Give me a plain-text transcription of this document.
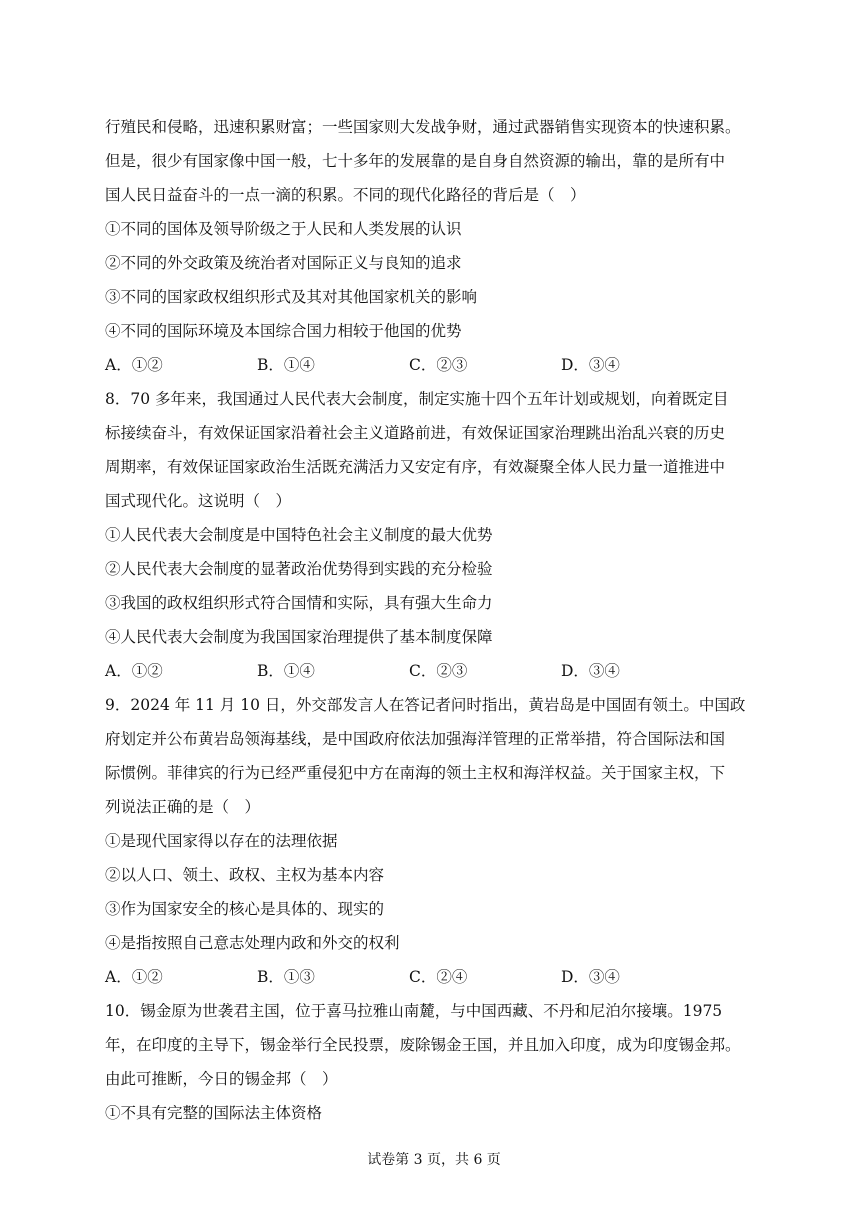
行殖民和侵略，迅速积累财富；一些国家则大发战争财，通过武器销售实现资本的快速积累。

但是，很少有国家像中国一般，七十多年的发展靠的是自身自然资源的输出，靠的是所有中

国人民日益奋斗的一点一滴的积累。不同的现代化路径的背后是（　）

①不同的国体及领导阶级之于人民和人类发展的认识

②不同的外交政策及统治者对国际正义与良知的追求

③不同的国家政权组织形式及其对其他国家机关的影响

④不同的国际环境及本国综合国力相较于他国的优势

A．①②	B．①④	C．②③	D．③④

8．70 多年来，我国通过人民代表大会制度，制定实施十四个五年计划或规划，向着既定目

标接续奋斗，有效保证国家沿着社会主义道路前进，有效保证国家治理跳出治乱兴衰的历史

周期率，有效保证国家政治生活既充满活力又安定有序，有效凝聚全体人民力量一道推进中

国式现代化。这说明（　）

①人民代表大会制度是中国特色社会主义制度的最大优势

②人民代表大会制度的显著政治优势得到实践的充分检验

③我国的政权组织形式符合国情和实际，具有强大生命力

④人民代表大会制度为我国国家治理提供了基本制度保障

A．①②	B．①④	C．②③	D．③④

9．2024 年 11 月 10 日，外交部发言人在答记者问时指出，黄岩岛是中国固有领土。中国政

府划定并公布黄岩岛领海基线，是中国政府依法加强海洋管理的正常举措，符合国际法和国

际惯例。菲律宾的行为已经严重侵犯中方在南海的领土主权和海洋权益。关于国家主权，下

列说法正确的是（　）

①是现代国家得以存在的法理依据

②以人口、领土、政权、主权为基本内容

③作为国家安全的核心是具体的、现实的

④是指按照自己意志处理内政和外交的权利

A．①②	B．①③	C．②④	D．③④

10．锡金原为世袭君主国，位于喜马拉雅山南麓，与中国西藏、不丹和尼泊尔接壤。1975

年，在印度的主导下，锡金举行全民投票，废除锡金王国，并且加入印度，成为印度锡金邦。

由此可推断，今日的锡金邦（　）

①不具有完整的国际法主体资格

试卷第 3 页，共 6 页
